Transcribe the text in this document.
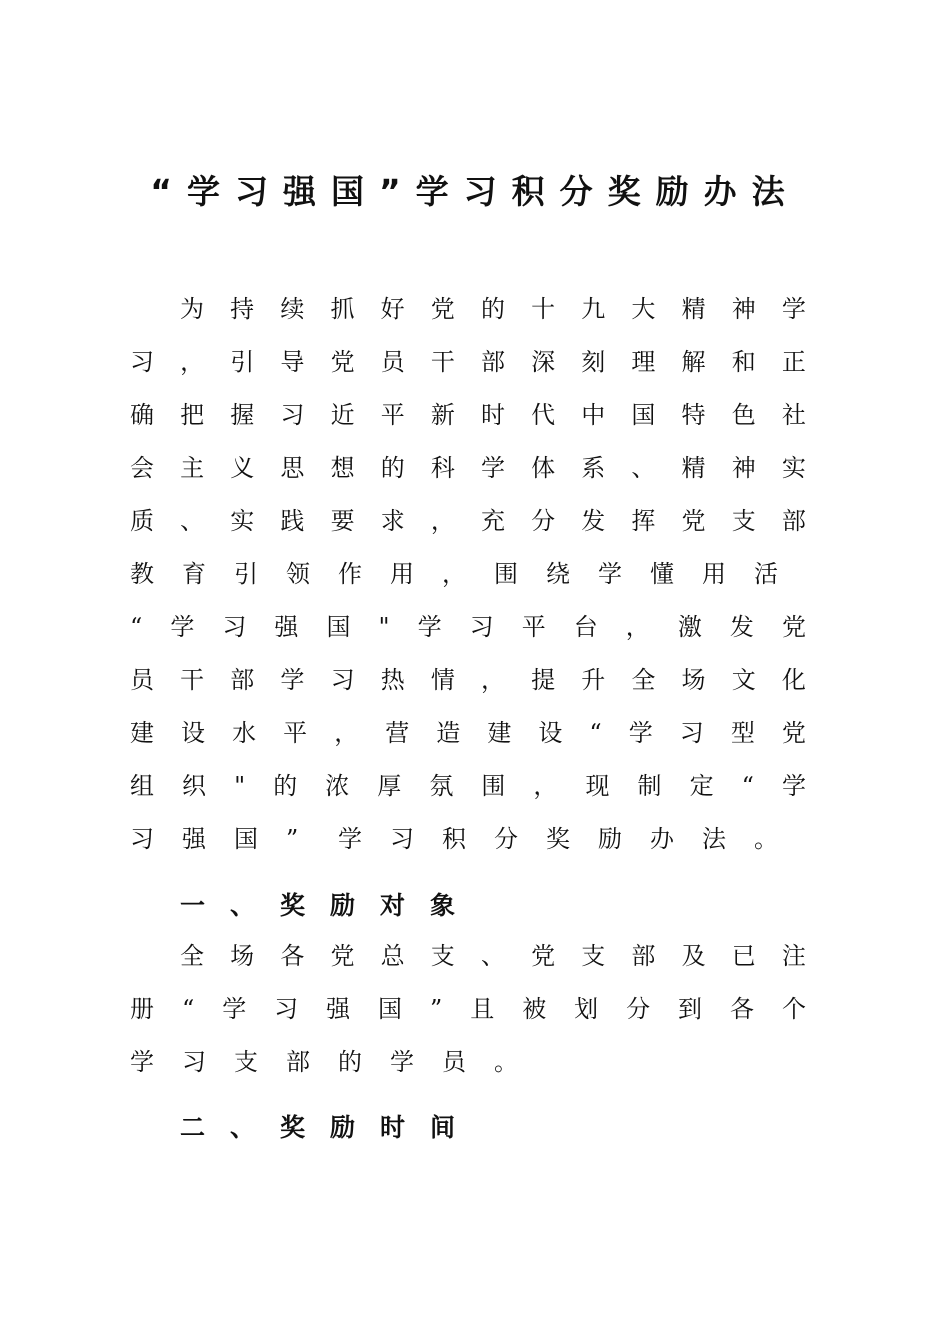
“学习强国”学习积分奖励办法
为 持 续 抓 好 党 的 十 九 大 精 神 学
习 ， 引 导 党 员 干 部 深 刻 理 解 和 正
确 把 握 习 近 平 新 时 代 中 国 特 色 社
会 主 义 思 想 的 科 学 体 系 、 精 神 实
质 、 实 践 要 求 ， 充 分 发 挥 党 支 部
教	育	引	领	作	用	，	围	绕	学	懂	用	活
“ 学 习 强 国 " 学 习 平 台 ， 激 发 党
员 干 部 学 习 热 情 ， 提 升 全 场 文 化
建 设 水 平 ， 营 造 建 设 “ 学 习 型 党
组 织 " 的 浓 厚 氛 围 ， 现 制 定 “ 学
习	强	国	”	学	习	积	分	奖	励	办	法	。
一 、 奖 励 对 象
全 场 各 党 总 支 、 党 支 部 及 已 注
册 “ 学 习 强 国 ” 且 被 划 分 到 各 个
学	习	支	部	的	学	员	。
二 、 奖 励 时 间
